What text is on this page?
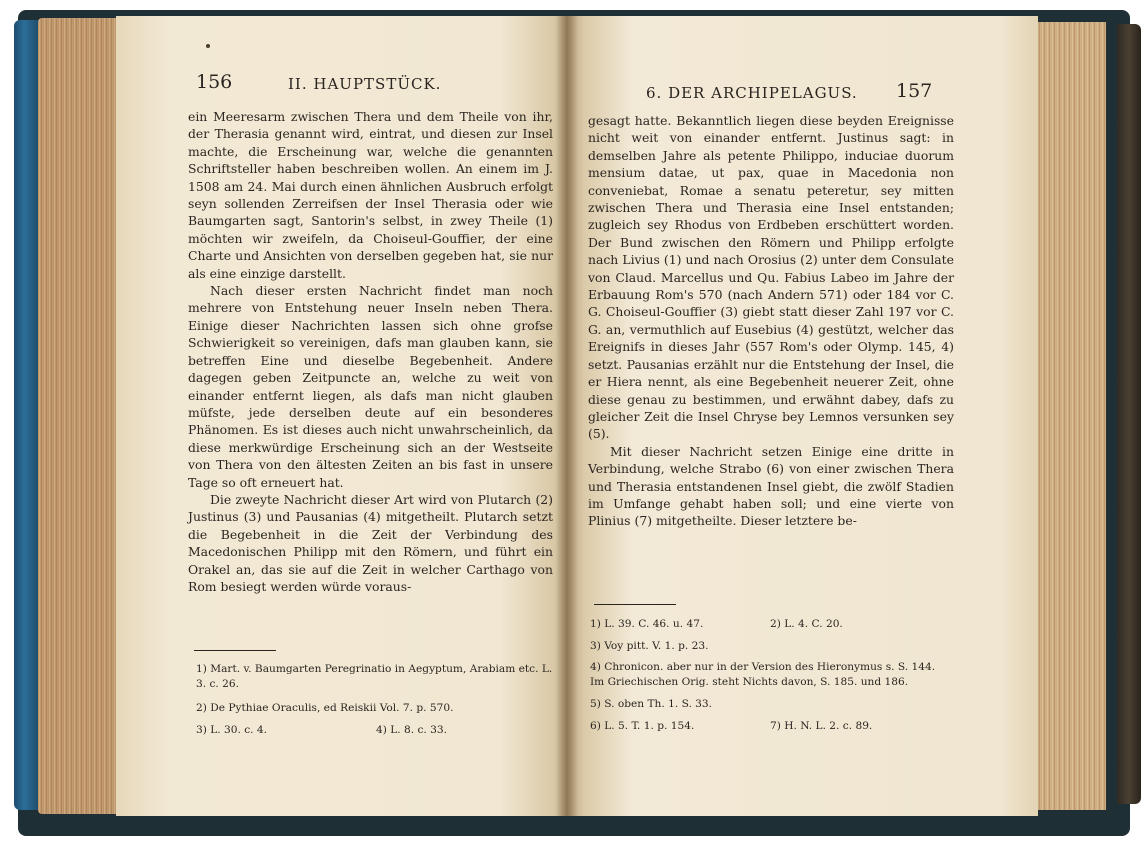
156	II. HAUPTSTÜCK.

ein Meeresarm zwischen Thera und dem Theile von ihr, der Therasia genannt wird, eintrat, und diesen zur Insel machte, die Erscheinung war, welche die genannten Schriftsteller haben beschreiben wollen. An einem im J. 1508 am 24. Mai durch einen ähnlichen Ausbruch erfolgt seyn sollenden Zerreifsen der Insel Therasia oder wie Baumgarten sagt, Santorin's selbst, in zwey Theile (1) möchten wir zweifeln, da Choiseul-Gouffier, der eine Charte und Ansichten von derselben gegeben hat, sie nur als eine einzige darstellt.

Nach dieser ersten Nachricht findet man noch mehrere von Entstehung neuer Inseln neben Thera. Einige dieser Nachrichten lassen sich ohne grofse Schwierigkeit so vereinigen, dafs man glauben kann, sie betreffen Eine und dieselbe Begebenheit. Andere dagegen geben Zeitpuncte an, welche zu weit von einander entfernt liegen, als dafs man nicht glauben müfste, jede derselben deute auf ein besonderes Phänomen. Es ist dieses auch nicht unwahrscheinlich, da diese merkwürdige Erscheinung sich an der Westseite von Thera von den ältesten Zeiten an bis fast in unsere Tage so oft erneuert hat.

Die zweyte Nachricht dieser Art wird von Plutarch (2) Justinus (3) und Pausanias (4) mitgetheilt. Plutarch setzt die Begebenheit in die Zeit der Verbindung des Macedonischen Philipp mit den Römern, und führt ein Orakel an, das sie auf die Zeit in welcher Carthago von Rom besiegt werden würde voraus-

1) Mart. v. Baumgarten Peregrinatio in Aegyptum, Arabiam etc. L. 3. c. 26.
2) De Pythiae Oraculis, ed Reiskii Vol. 7. p. 570.
3) L. 30. c. 4.	4) L. 8. c. 33.
6. DER ARCHIPELAGUS. 157

gesagt hatte. Bekanntlich liegen diese beyden Ereignisse nicht weit von einander entfernt. Justinus sagt: in demselben Jahre als petente Philippo, induciae duorum mensium datae, ut pax, quae in Macedonia non conveniebat, Romae a senatu peteretur, sey mitten zwischen Thera und Therasia eine Insel entstanden; zugleich sey Rhodus von Erdbeben erschüttert worden. Der Bund zwischen den Römern und Philipp erfolgte nach Livius (1) und nach Orosius (2) unter dem Consulate von Claud. Marcellus und Qu. Fabius Labeo im Jahre der Erbauung Rom's 570 (nach Andern 571) oder 184 vor C. G. Choiseul-Gouffier (3) giebt statt dieser Zahl 197 vor C. G. an, vermuthlich auf Eusebius (4) gestützt, welcher das Ereignifs in dieses Jahr (557 Rom's oder Olymp. 145, 4) setzt. Pausanias erzählt nur die Entstehung der Insel, die er Hiera nennt, als eine Begebenheit neuerer Zeit, ohne diese genau zu bestimmen, und erwähnt dabey, dafs zu gleicher Zeit die Insel Chryse bey Lemnos versunken sey (5).

Mit dieser Nachricht setzen Einige eine dritte in Verbindung, welche Strabo (6) von einer zwischen Thera und Therasia entstandenen Insel giebt, die zwölf Stadien im Umfange gehabt haben soll; und eine vierte von Plinius (7) mitgetheilte. Dieser letztere be-

1) L. 39. C. 46. u. 47.	2) L. 4. C. 20.
3) Voy pitt. V. 1. p. 23.
4) Chronicon. aber nur in der Version des Hieronymus s. S. 144. Im Griechischen Orig. steht Nichts davon, S. 185. und 186.
5) S. oben Th. 1. S. 33.
6) L. 5. T. 1. p. 154.	7) H. N. L. 2. c. 89.
